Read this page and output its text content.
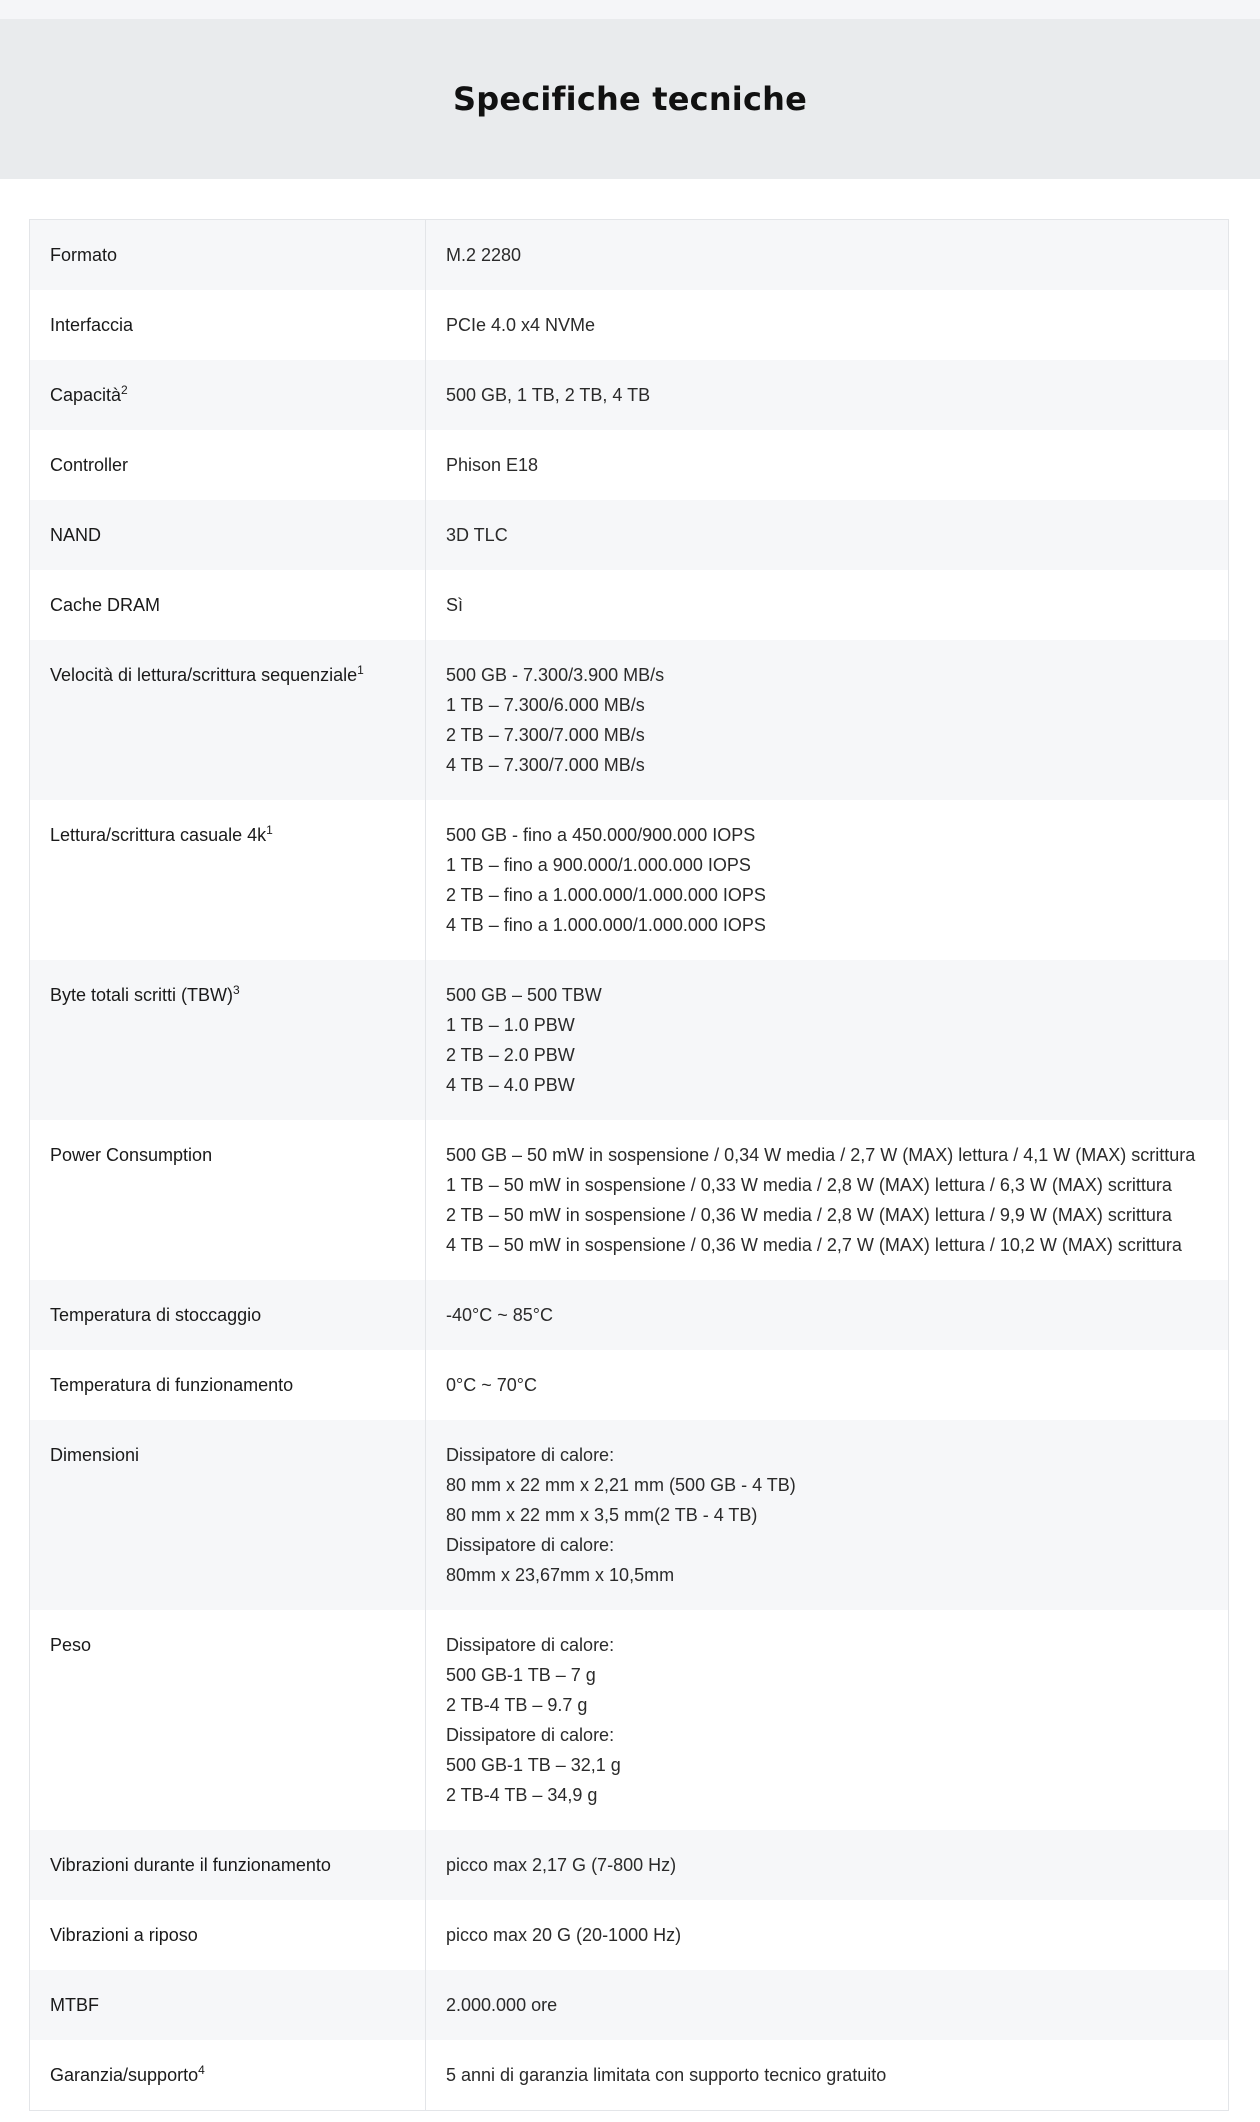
Specifiche tecniche
Formato	M.2 2280
Interfaccia	PCIe 4.0 x4 NVMe
Capacità$^2$	500 GB, 1 TB, 2 TB, 4 TB
Controller	Phison E18
NAND	3D TLC
Cache DRAM	Sì
Velocità di lettura/scrittura sequenziale$^1$	500 GB - 7.300/3.900 MB/s
1 TB – 7.300/6.000 MB/s
2 TB – 7.300/7.000 MB/s
4 TB – 7.300/7.000 MB/s
Lettura/scrittura casuale $4k^1$	500 GB - fino a 450.000/900.000 IOPS
1 TB – fino a 900.000/1.000.000 IOPS
2 TB – fino a 1.000.000/1.000.000 IOPS
4 TB – fino a 1.000.000/1.000.000 IOPS
Byte totali scritti (TBW)$^3$	500 GB – 500 TBW
1 TB – 1.0 PBW
2 TB – 2.0 PBW
4 TB – 4.0 PBW
Power Consumption	500 GB – 50 mW in sospensione / 0,34 W media / 2,7 W (MAX) lettura / 4,1 W (MAX) scrittura
1 TB – 50 mW in sospensione / 0,33 W media / 2,8 W (MAX) lettura / 6,3 W (MAX) scrittura
2 TB – 50 mW in sospensione / 0,36 W media / 2,8 W (MAX) lettura / 9,9 W (MAX) scrittura
4 TB – 50 mW in sospensione / 0,36 W media / 2,7 W (MAX) lettura / 10,2 W (MAX) scrittura
Temperatura di stoccaggio	-40°C ~ 85°C
Temperatura di funzionamento	0°C ~ 70°C
Dimensioni	Dissipatore di calore:
80 mm x 22 mm x 2,21 mm (500 GB - 4 TB)
80 mm x 22 mm x 3,5 mm(2 TB - 4 TB)
Dissipatore di calore:
80mm x 23,67mm x 10,5mm
Peso	Dissipatore di calore:
500 GB-1 TB – 7 g
2 TB-4 TB – 9.7 g
Dissipatore di calore:
500 GB-1 TB – 32,1 g
2 TB-4 TB – 34,9 g
Vibrazioni durante il funzionamento	picco max 2,17 G (7-800 Hz)
Vibrazioni a riposo	picco max 20 G (20-1000 Hz)
MTBF	2.000.000 ore
Garanzia/supporto$^4$	5 anni di garanzia limitata con supporto tecnico gratuito
